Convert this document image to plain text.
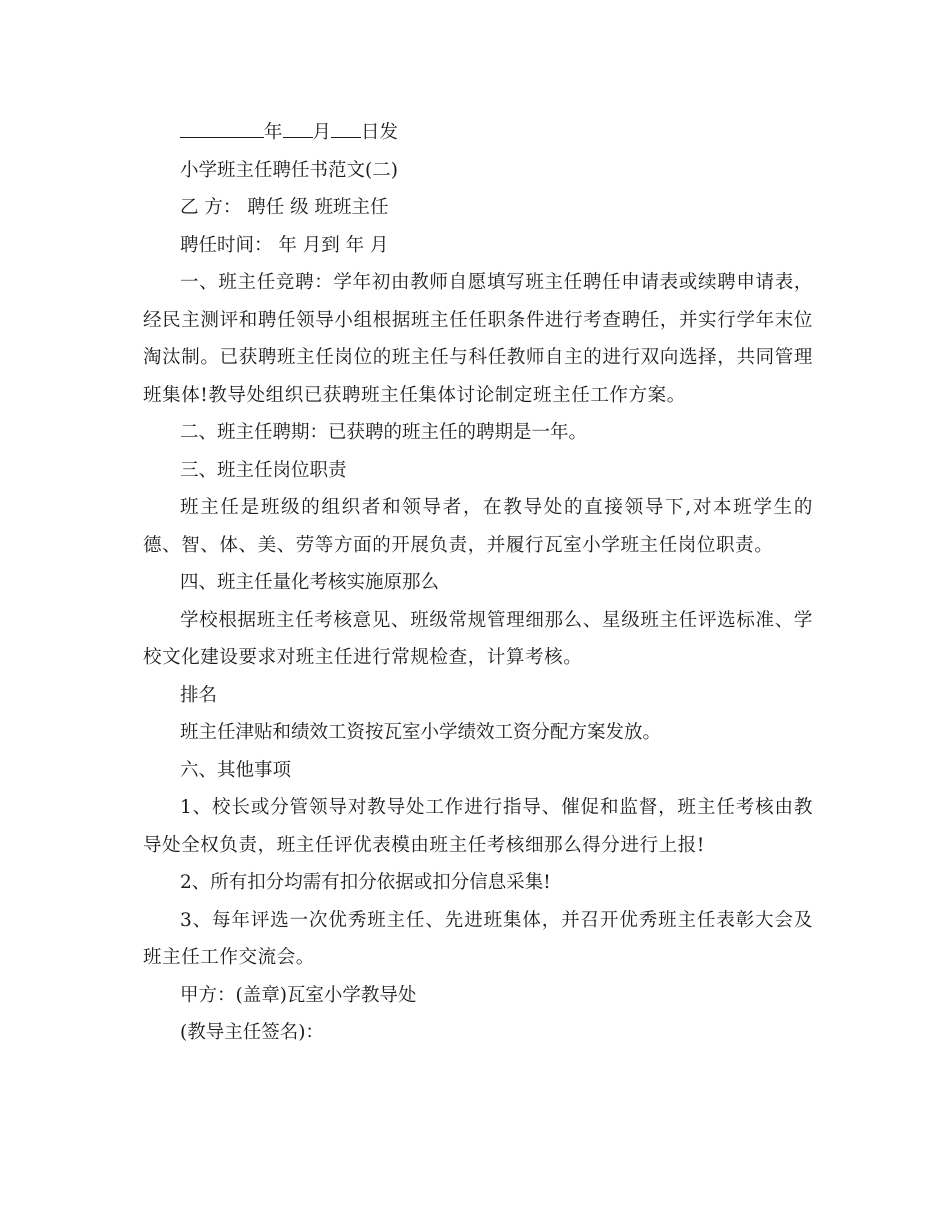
年 月 日发

小学班主任聘任书范文(二)

乙 方： 聘任 级 班班主任

聘任时间： 年 月到 年 月

一、班主任竞聘：学年初由教师自愿填写班主任聘任申请表或续聘申请表，经民主测评和聘任领导小组根据班主任任职条件进行考查聘任，并实行学年末位淘汰制。已获聘班主任岗位的班主任与科任教师自主的进行双向选择，共同管理班集体!教导处组织已获聘班主任集体讨论制定班主任工作方案。

二、班主任聘期：已获聘的班主任的聘期是一年。

三、班主任岗位职责

班主任是班级的组织者和领导者，在教导处的直接领导下,对本班学生的德、智、体、美、劳等方面的开展负责，并履行瓦室小学班主任岗位职责。

四、班主任量化考核实施原那么

学校根据班主任考核意见、班级常规管理细那么、星级班主任评选标准、学校文化建设要求对班主任进行常规检查，计算考核。

排名

班主任津贴和绩效工资按瓦室小学绩效工资分配方案发放。

六、其他事项

1、校长或分管领导对教导处工作进行指导、催促和监督，班主任考核由教导处全权负责，班主任评优表模由班主任考核细那么得分进行上报!

2、所有扣分均需有扣分依据或扣分信息采集!

3、每年评选一次优秀班主任、先进班集体，并召开优秀班主任表彰大会及班主任工作交流会。

甲方：(盖章)瓦室小学教导处

(教导主任签名)：
